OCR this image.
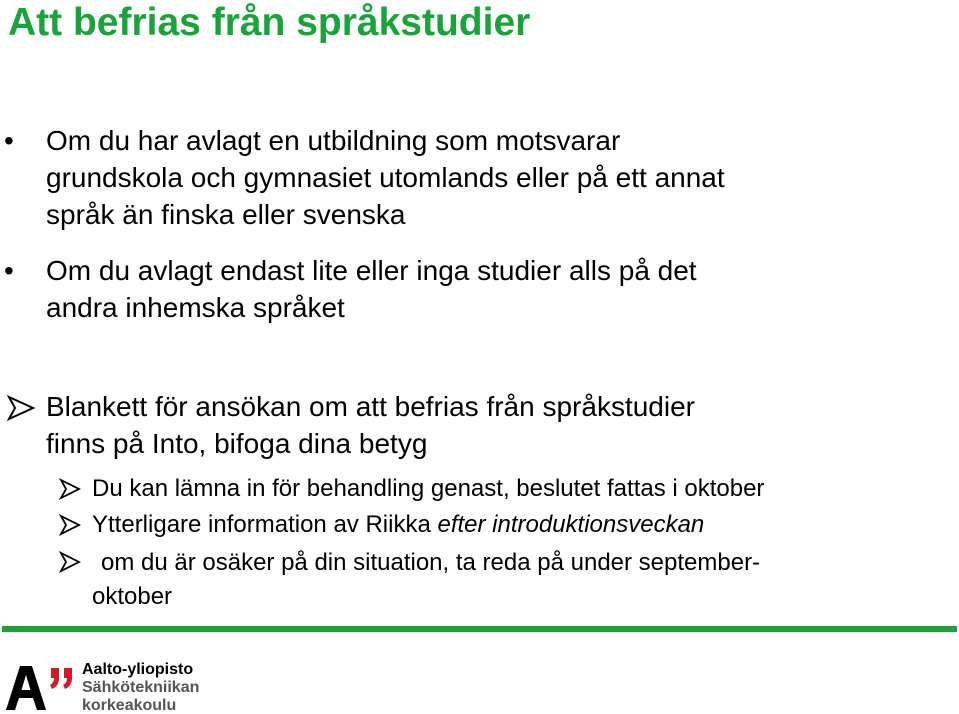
Att befrias från språkstudier
• Om du har avlagt en utbildning som motsvarar
grundskola och gymnasiet utomlands eller på ett annat
språk än finska eller svenska
• Om du avlagt endast lite eller inga studier alls på det
andra inhemska språket
Blankett för ansökan om att befrias från språkstudier
finns på Into, bifoga dina betyg
Du kan lämna in för behandling genast, beslutet fattas i oktober
Ytterligare information av Riikka efter introduktionsveckan
om du är osäker på din situation, ta reda på under september-
oktober
Aalto-yliopisto
Sähkötekniikan
korkeakoulu
